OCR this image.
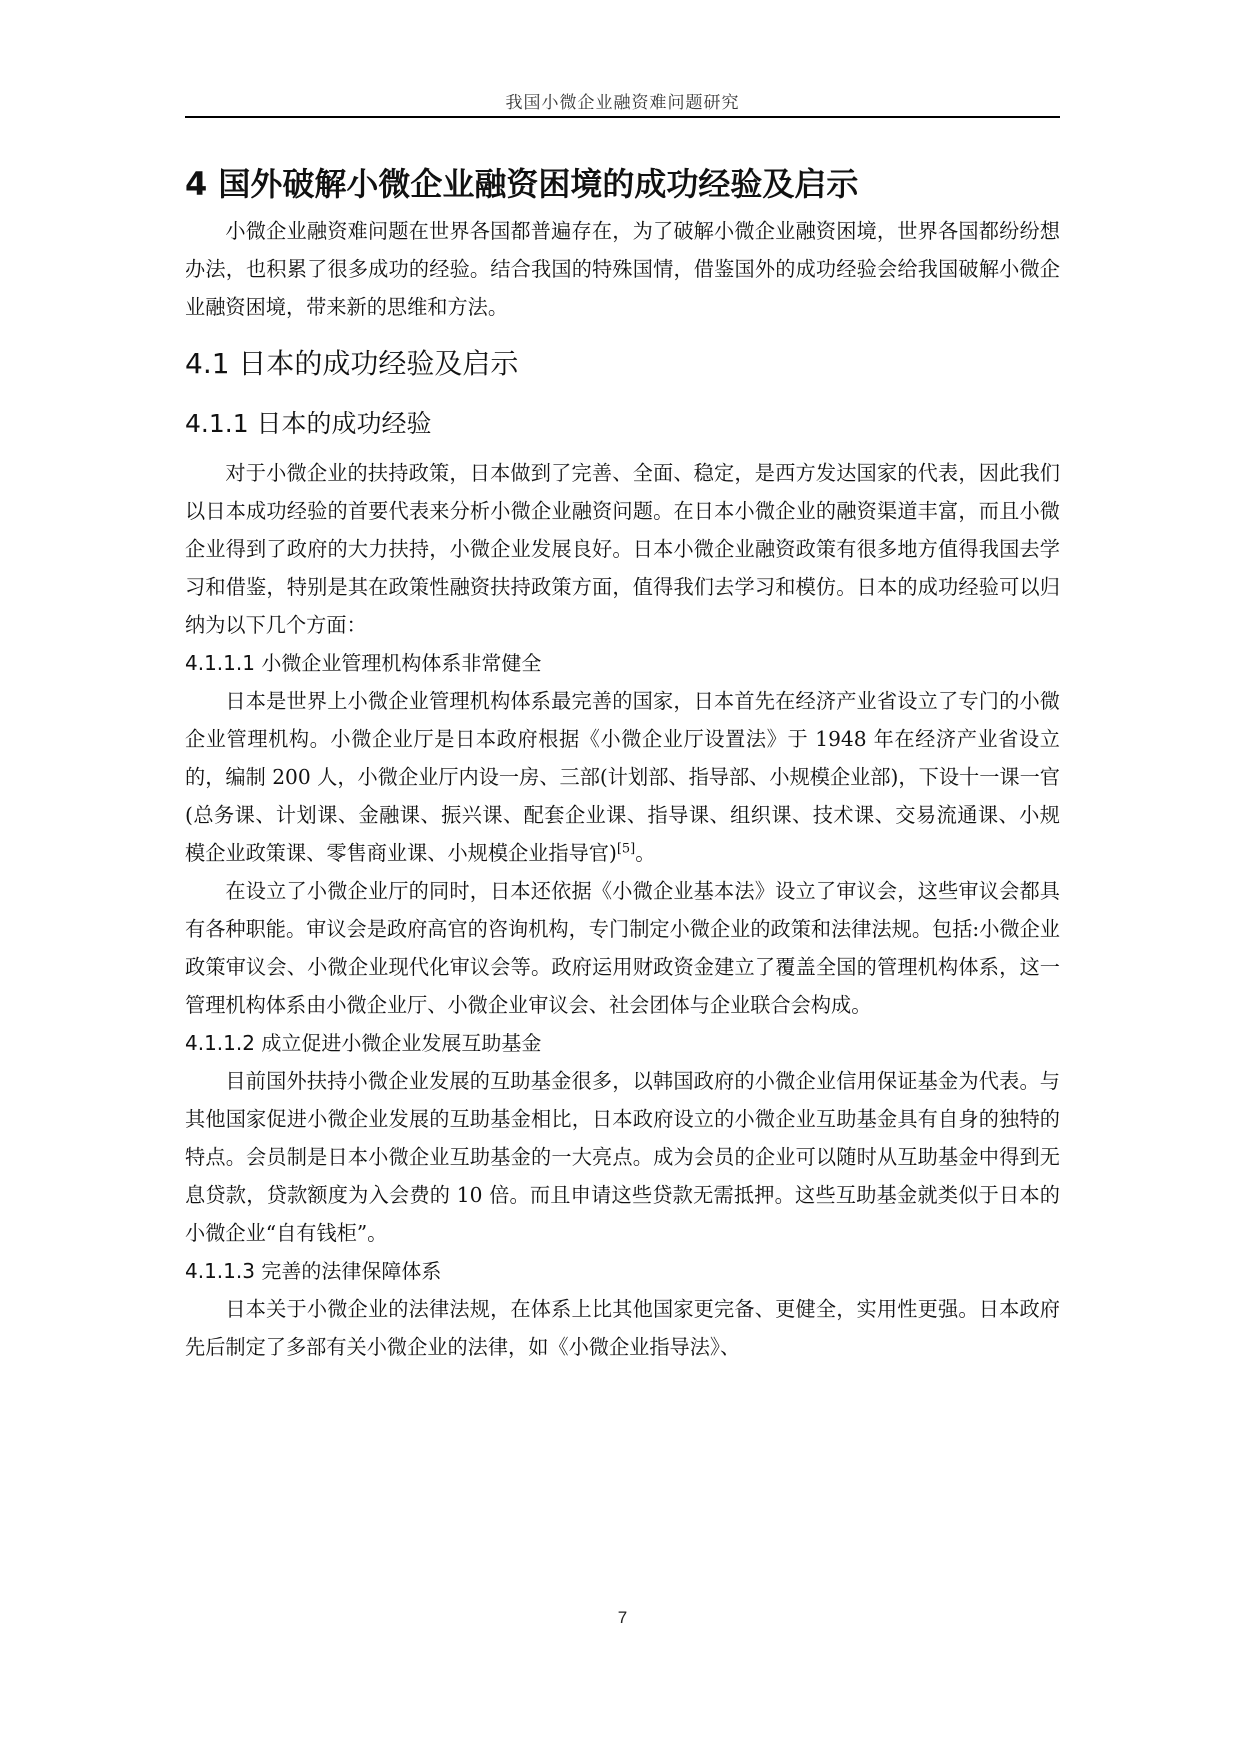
我国小微企业融资难问题研究
4 国外破解小微企业融资困境的成功经验及启示

小微企业融资难问题在世界各国都普遍存在，为了破解小微企业融资困境，世界各国都纷纷想办法，也积累了很多成功的经验。结合我国的特殊国情，借鉴国外的成功经验会给我国破解小微企业融资困境，带来新的思维和方法。

4.1 日本的成功经验及启示
4.1.1 日本的成功经验

对于小微企业的扶持政策，日本做到了完善、全面、稳定，是西方发达国家的代表，因此我们以日本成功经验的首要代表来分析小微企业融资问题。在日本小微企业的融资渠道丰富，而且小微企业得到了政府的大力扶持，小微企业发展良好。日本小微企业融资政策有很多地方值得我国去学习和借鉴，特别是其在政策性融资扶持政策方面，值得我们去学习和模仿。日本的成功经验可以归纳为以下几个方面：

4.1.1.1 小微企业管理机构体系非常健全

日本是世界上小微企业管理机构体系最完善的国家，日本首先在经济产业省设立了专门的小微企业管理机构。小微企业厅是日本政府根据《小微企业厅设置法》于 1948 年在经济产业省设立的，编制 200 人，小微企业厅内设一房、三部(计划部、指导部、小规模企业部)，下设十一课一官(总务课、计划课、金融课、振兴课、配套企业课、指导课、组织课、技术课、交易流通课、小规模企业政策课、零售商业课、小规模企业指导官)[5]。

在设立了小微企业厅的同时，日本还依据《小微企业基本法》设立了审议会，这些审议会都具有各种职能。审议会是政府高官的咨询机构，专门制定小微企业的政策和法律法规。包括:小微企业政策审议会、小微企业现代化审议会等。政府运用财政资金建立了覆盖全国的管理机构体系，这一管理机构体系由小微企业厅、小微企业审议会、社会团体与企业联合会构成。

4.1.1.2 成立促进小微企业发展互助基金

目前国外扶持小微企业发展的互助基金很多，以韩国政府的小微企业信用保证基金为代表。与其他国家促进小微企业发展的互助基金相比，日本政府设立的小微企业互助基金具有自身的独特的特点。会员制是日本小微企业互助基金的一大亮点。成为会员的企业可以随时从互助基金中得到无息贷款，贷款额度为入会费的 10 倍。而且申请这些贷款无需抵押。这些互助基金就类似于日本的小微企业“自有钱柜”。

4.1.1.3 完善的法律保障体系

日本关于小微企业的法律法规，在体系上比其他国家更完备、更健全，实用性更强。日本政府先后制定了多部有关小微企业的法律，如《小微企业指导法》、

7
